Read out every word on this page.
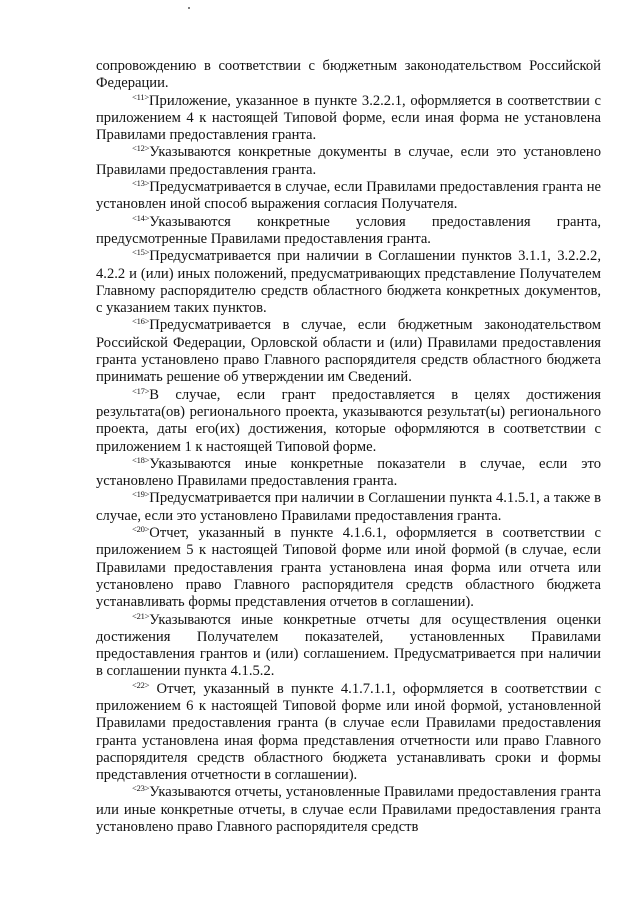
сопровождению в соответствии с бюджетным законодательством Российской Федерации.

$^{<11>}$Приложение, указанное в пункте 3.2.2.1, оформляется в соответствии с приложением 4 к настоящей Типовой форме, если иная форма не установлена Правилами предоставления гранта.

$^{<12>}$Указываются конкретные документы в случае, если это установлено Правилами предоставления гранта.

$^{<13>}$Предусматривается в случае, если Правилами предоставления гранта не установлен иной способ выражения согласия Получателя.

$^{<14>}$Указываются конкретные условия предоставления гранта, предусмотренные Правилами предоставления гранта.

$^{<15>}$Предусматривается при наличии в Соглашении пунктов 3.1.1, 3.2.2.2, 4.2.2 и (или) иных положений, предусматривающих представление Получателем Главному распорядителю средств областного бюджета конкретных документов, с указанием таких пунктов.

$^{<16>}$Предусматривается в случае, если бюджетным законодательством Российской Федерации, Орловской области и (или) Правилами предоставления гранта установлено право Главного распорядителя средств областного бюджета принимать решение об утверждении им Сведений.

$^{<17>}$В случае, если грант предоставляется в целях достижения результата(ов) регионального проекта, указываются результат(ы) регионального проекта, даты его(их) достижения, которые оформляются в соответствии с приложением 1 к настоящей Типовой форме.

$^{<18>}$Указываются иные конкретные показатели в случае, если это установлено Правилами предоставления гранта.

$^{<19>}$Предусматривается при наличии в Соглашении пункта 4.1.5.1, а также в случае, если это установлено Правилами предоставления гранта.

$^{<20>}$Отчет, указанный в пункте 4.1.6.1, оформляется в соответствии с приложением 5 к настоящей Типовой форме или иной формой (в случае, если Правилами предоставления гранта установлена иная форма или отчета или установлено право Главного распорядителя средств областного бюджета устанавливать формы представления отчетов в соглашении).

$^{<21>}$Указываются иные конкретные отчеты для осуществления оценки достижения Получателем показателей, установленных Правилами предоставления грантов и (или) соглашением. Предусматривается при наличии в соглашении пункта 4.1.5.2.

$^{<22>}$ Отчет, указанный в пункте 4.1.7.1.1, оформляется в соответствии с приложением 6 к настоящей Типовой форме или иной формой, установленной Правилами предоставления гранта (в случае если Правилами предоставления гранта установлена иная форма представления отчетности или право Главного распорядителя средств областного бюджета устанавливать сроки и формы представления отчетности в соглашении).

$^{<23>}$Указываются отчеты, установленные Правилами предоставления гранта или иные конкретные отчеты, в случае если Правилами предоставления гранта установлено право Главного распорядителя средств
